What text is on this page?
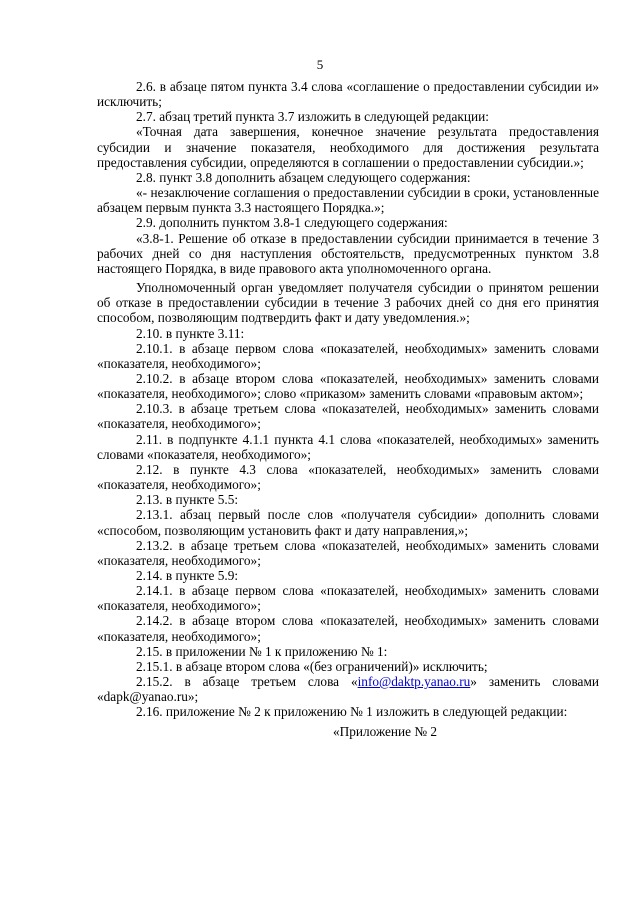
5

2.6. в абзаце пятом пункта 3.4 слова «соглашение о предоставлении субсидии и» исключить;

2.7. абзац третий пункта 3.7 изложить в следующей редакции:

«Точная дата завершения, конечное значение результата предоставления субсидии и значение показателя, необходимого для достижения результата предоставления субсидии, определяются в соглашении о предоставлении субсидии.»;

2.8. пункт 3.8 дополнить абзацем следующего содержания:

«- незаключение соглашения о предоставлении субсидии в сроки, установленные абзацем первым пункта 3.3 настоящего Порядка.»;

2.9. дополнить пунктом 3.8-1 следующего содержания:

«3.8-1. Решение об отказе в предоставлении субсидии принимается в течение 3 рабочих дней со дня наступления обстоятельств, предусмотренных пунктом 3.8 настоящего Порядка, в виде правового акта уполномоченного органа.

Уполномоченный орган уведомляет получателя субсидии о принятом решении об отказе в предоставлении субсидии в течение 3 рабочих дней со дня его принятия способом, позволяющим подтвердить факт и дату уведомления.»;

2.10. в пункте 3.11:

2.10.1. в абзаце первом слова «показателей, необходимых» заменить словами «показателя, необходимого»;

2.10.2. в абзаце втором слова «показателей, необходимых» заменить словами «показателя, необходимого»; слово «приказом» заменить словами «правовым актом»;

2.10.3. в абзаце третьем слова «показателей, необходимых» заменить словами «показателя, необходимого»;

2.11. в подпункте 4.1.1 пункта 4.1 слова «показателей, необходимых» заменить словами «показателя, необходимого»;

2.12. в пункте 4.3 слова «показателей, необходимых» заменить словами «показателя, необходимого»;

2.13. в пункте 5.5:

2.13.1. абзац первый после слов «получателя субсидии» дополнить словами «способом, позволяющим установить факт и дату направления,»;

2.13.2. в абзаце третьем слова «показателей, необходимых» заменить словами «показателя, необходимого»;

2.14. в пункте 5.9:

2.14.1. в абзаце первом слова «показателей, необходимых» заменить словами «показателя, необходимого»;

2.14.2. в абзаце втором слова «показателей, необходимых» заменить словами «показателя, необходимого»;

2.15. в приложении № 1 к приложению № 1:

2.15.1. в абзаце втором слова «(без ограничений)» исключить;

2.15.2. в абзаце третьем слова «info@daktp.yanao.ru» заменить словами «dapk@yanao.ru»;

2.16. приложение № 2 к приложению № 1 изложить в следующей редакции:

«Приложение № 2
